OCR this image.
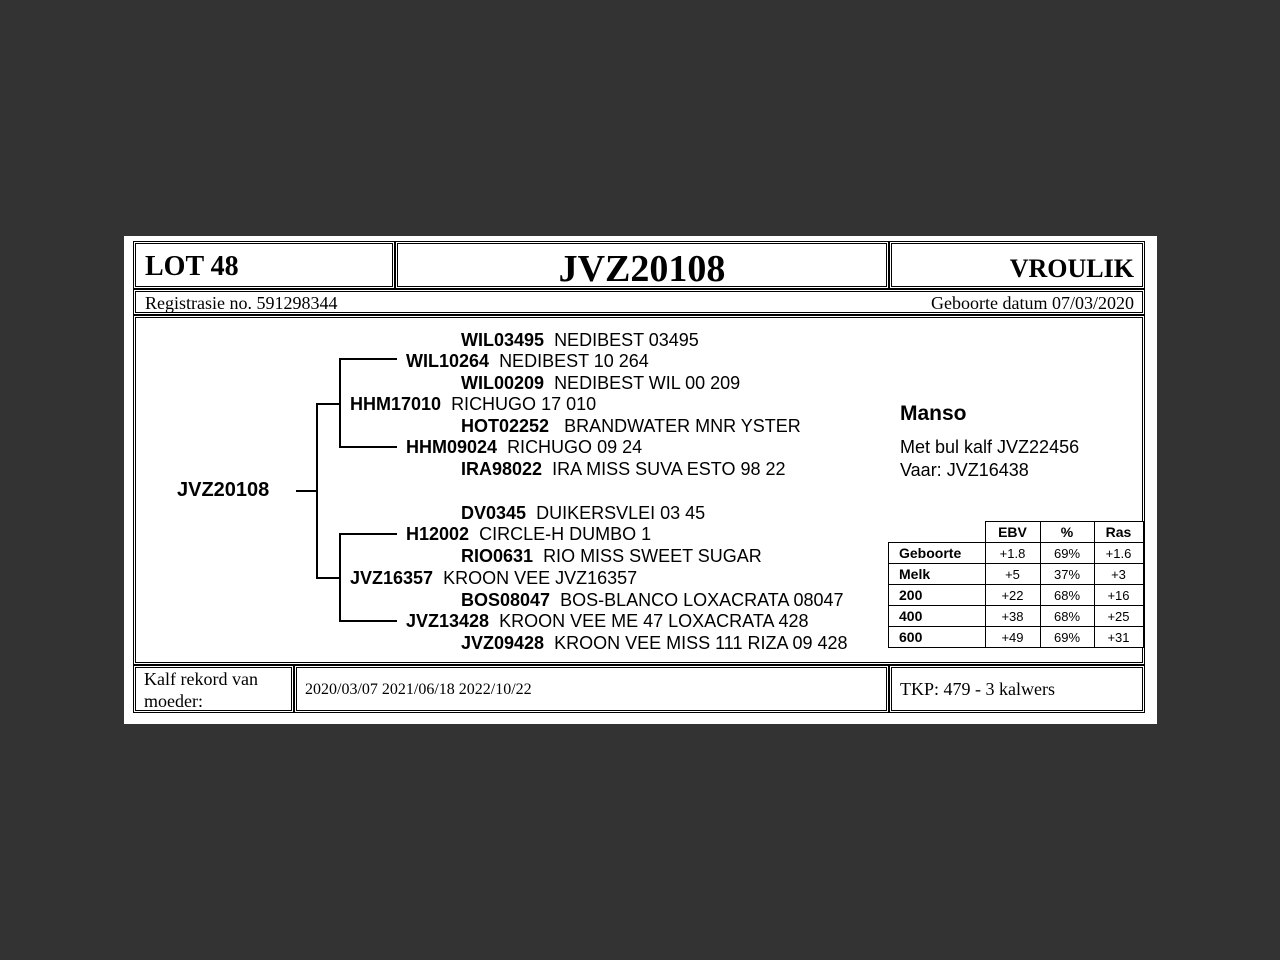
LOT 48	JVZ20108	VROULIK
Registrasie no. 591298344	Geboorte datum 07/03/2020
JVZ20108
WIL03495 NEDIBEST 03495
WIL10264 NEDIBEST 10 264
WIL00209 NEDIBEST WIL 00 209
HHM17010 RICHUGO 17 010
HOT02252   BRANDWATER MNR YSTER
HHM09024 RICHUGO 09 24
IRA98022 IRA MISS SUVA ESTO 98 22
DV0345 DUIKERSVLEI 03 45
H12002 CIRCLE-H DUMBO 1
RIO0631 RIO MISS SWEET SUGAR
JVZ16357 KROON VEE JVZ16357
BOS08047 BOS-BLANCO LOXACRATA 08047
JVZ13428 KROON VEE ME 47 LOXACRATA 428
JVZ09428 KROON VEE MISS 111 RIZA 09 428
Manso
Met bul kalf JVZ22456
Vaar: JVZ16438
	EBV	%	Ras
Geboorte	+1.8	69%	+1.6
Melk	+5	37%	+3
200	+22	68%	+16
400	+38	68%	+25
600	+49	69%	+31
Kalf rekord van
moeder:
2020/03/07 2021/06/18 2022/10/22	TKP: 479 - 3 kalwers
